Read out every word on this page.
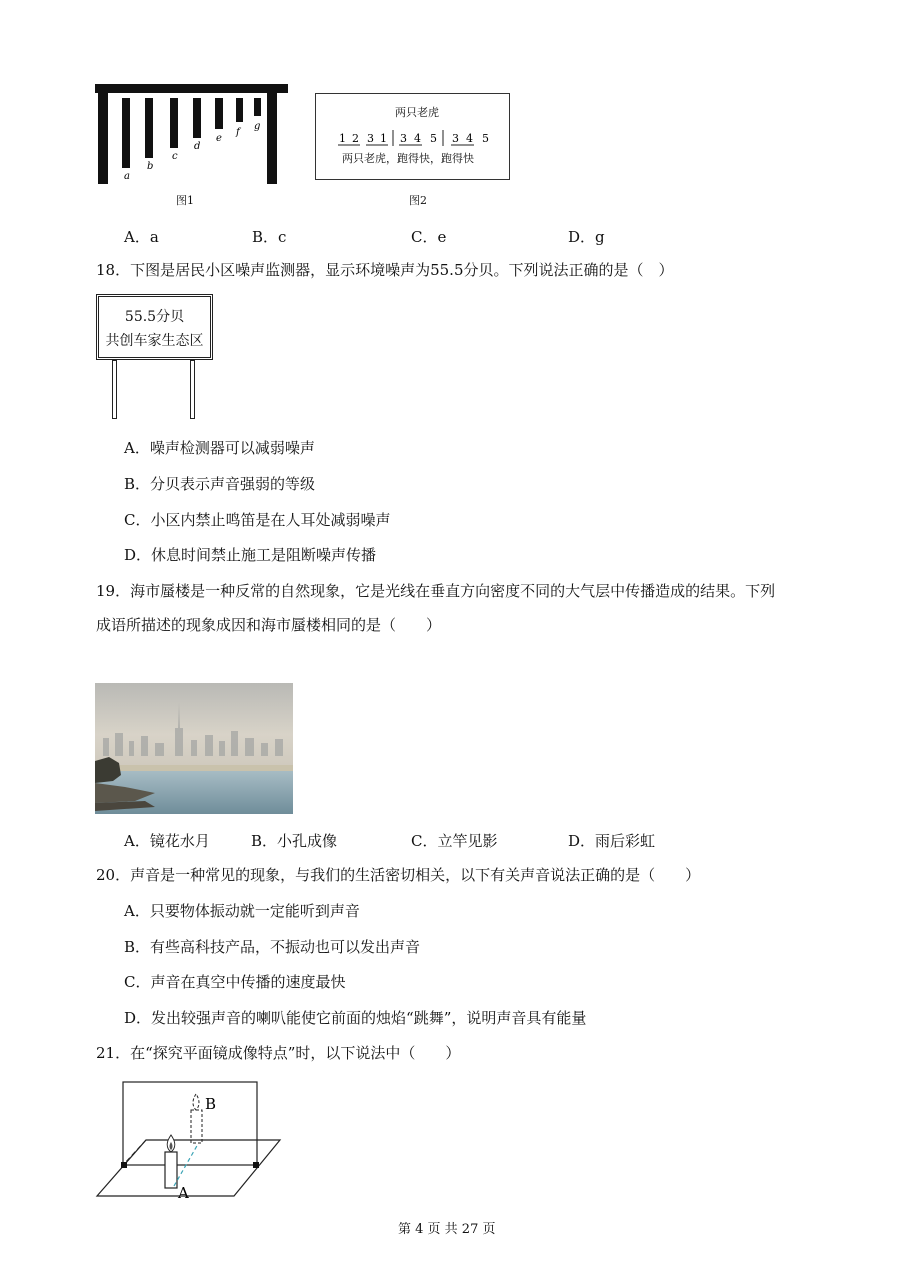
a
b
c
d
e
f
g
图1
两只老虎
1 2 3 1 3 4 5 3 4 5
两只老虎，跑得快，跑得快
图2
A．a	B．c	C．e	D．g
18．下图是居民小区噪声监测器，显示环境噪声为55.5分贝。下列说法正确的是（　）
55.5分贝
共创车家生态区
A．噪声检测器可以减弱噪声
B．分贝表示声音强弱的等级
C．小区内禁止鸣笛是在人耳处减弱噪声
D．休息时间禁止施工是阻断噪声传播
19．海市蜃楼是一种反常的自然现象，它是光线在垂直方向密度不同的大气层中传播造成的结果。下列
成语所描述的现象成因和海市蜃楼相同的是（　　）
A．镜花水月	B．小孔成像	C．立竿见影	D．雨后彩虹
20．声音是一种常见的现象，与我们的生活密切相关，以下有关声音说法正确的是（　　）
A．只要物体振动就一定能听到声音
B．有些高科技产品，不振动也可以发出声音
C．声音在真空中传播的速度最快
D．发出较强声音的喇叭能使它前面的烛焰“跳舞”，说明声音具有能量
21．在“探究平面镜成像特点”时，以下说法中（　　）
B
A
第 4 页 共 27 页
